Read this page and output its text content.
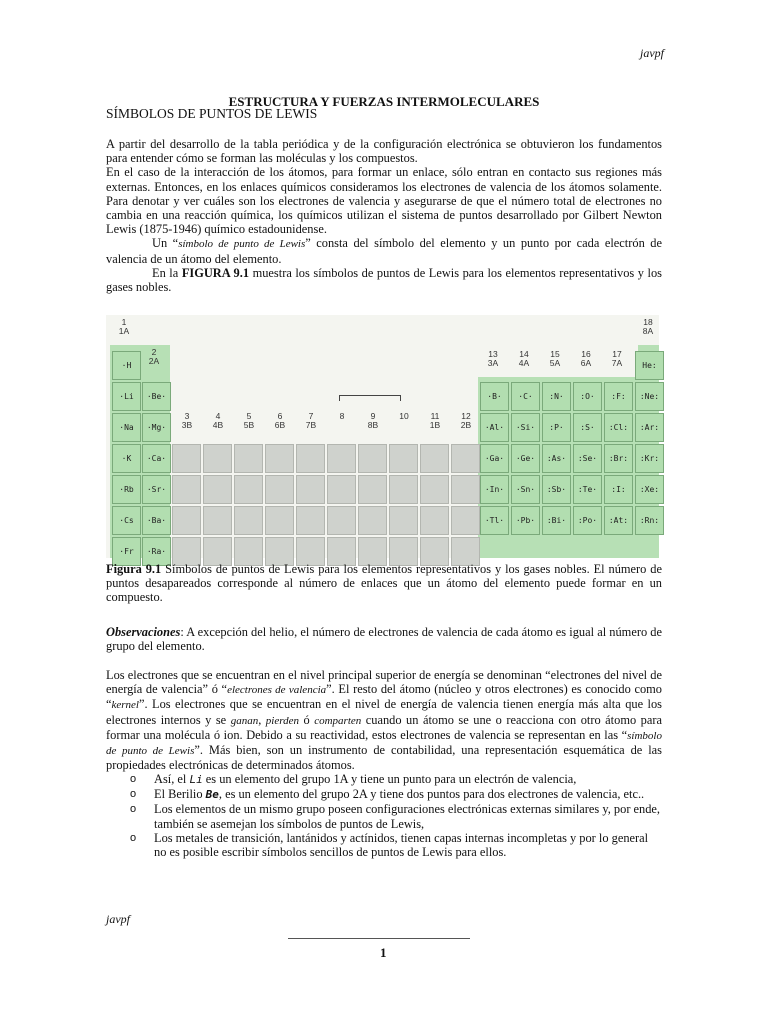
javpf
ESTRUCTURA Y FUERZAS INTERMOLECULARES
SÍMBOLOS DE PUNTOS DE LEWIS

A partir del desarrollo de la tabla periódica y de la configuración electrónica se obtuvieron los fundamentos para entender cómo se forman las moléculas y los compuestos.

En el caso de la interacción de los átomos, para formar un enlace, sólo entran en contacto sus regiones más externas. Entonces, en los enlaces químicos consideramos los electrones de valencia de los átomos solamente. Para denotar y ver cuáles son los electrones de valencia y asegurarse de que el número total de electrones no cambia en una reacción química, los químicos utilizan el sistema de puntos desarrollado por Gilbert Newton Lewis (1875-1946) químico estadounidense.

Un “símbolo de punto de Lewis” consta del símbolo del elemento y un punto por cada electrón de valencia de un átomo del elemento.

En la FIGURA 9.1 muestra los símbolos de puntos de Lewis para los elementos representativos y los gases nobles.

1
1A
2
2A
13
3A
14
4A
15
5A
16
6A
17
7A
18
8A
3
3B
4
4B
5
5B
6
6B
7
7B
8	9
8B
10	11
1B
12
2B
·H
·Li
·Na
·K
·Rb
·Cs
·Fr
·Be·
·Mg·
·Ca·
·Sr·
·Ba·
·Ra·
·B·
·Al·
·Ga·
·In·
·Tl·
·C·
·Si·
·Ge·
·Sn·
·Pb·
:N·
:P·
:As·
:Sb·
:Bi·
:O·
:S·
:Se·
:Te·
:Po·
:F:
:Cl:
:Br:
:I:
:At:
He:
:Ne:
:Ar:
:Kr:
:Xe:
:Rn:

Figura 9.1 Símbolos de puntos de Lewis para los elementos representativos y los gases nobles. El número de puntos desapareados corresponde al número de enlaces que un átomo del elemento puede formar en un compuesto.

Observaciones: A excepción del helio, el número de electrones de valencia de cada átomo es igual al número de grupo del elemento.

Los electrones que se encuentran en el nivel principal superior de energía se denominan “electrones del nivel de energía de valencia” ó “electrones de valencia”. El resto del átomo (núcleo y otros electrones) es conocido como “kernel”. Los electrones que se encuentran en el nivel de energía de valencia tienen energía más alta que los electrones internos y se ganan, pierden ó comparten cuando un átomo se une o reacciona con otro átomo para formar una molécula ó ion. Debido a su reactividad, estos electrones de valencia se representan en las “símbolo de punto de Lewis”. Más bien, son un instrumento de contabilidad, una representación esquemática de las propiedades electrónicas de determinados átomos.

o Así, el Li es un elemento del grupo 1A y tiene un punto para un electrón de valencia,
o El Berilio Be, es un elemento del grupo 2A y tiene dos puntos para dos electrones de valencia, etc..
o Los elementos de un mismo grupo poseen configuraciones electrónicas externas similares y, por ende, también se asemejan los símbolos de puntos de Lewis,
o Los metales de transición, lantánidos y actínidos, tienen capas internas incompletas y por lo general no es posible escribir símbolos sencillos de puntos de Lewis para ellos.
javpf
1
